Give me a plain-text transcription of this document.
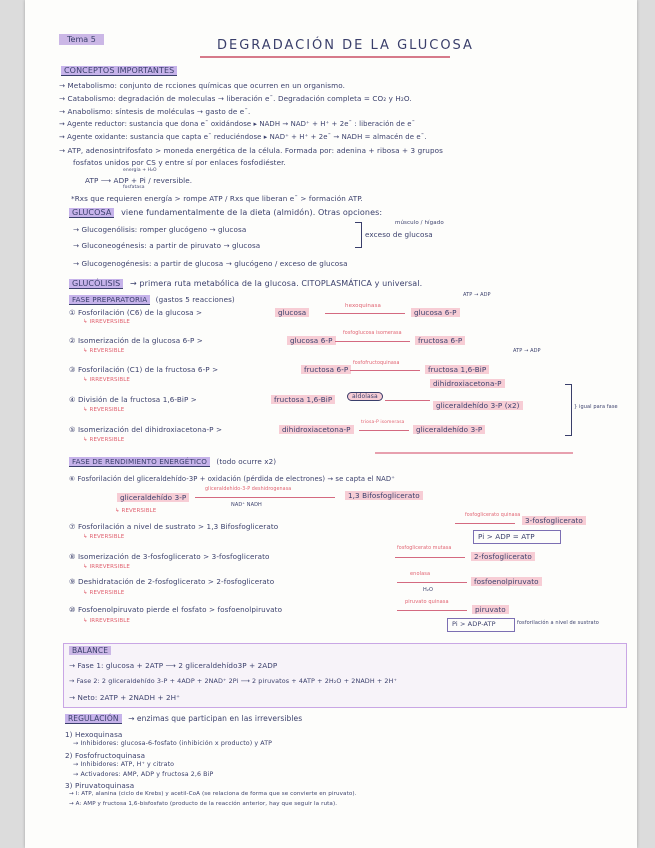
Tema 5	DEGRADACIÓN DE LA GLUCOSA
CONCEPTOS IMPORTANTES
→ Metabolismo: conjunto de rcciones químicas que ocurren en un organismo.
→ Catabolismo: degradación de moleculas → liberación eˉ. Degradación completa = CO₂ y H₂O.
→ Anabolismo: síntesis de moléculas → gasto de eˉ.
→ Agente reductor: sustancia que dona eˉ oxidándose ▸ NADH → NAD⁺ + H⁺ + 2eˉ : liberación de eˉ
→ Agente oxidante: sustancia que capta eˉ reduciéndose ▸ NAD⁺ + H⁺ + 2eˉ → NADH = almacén de eˉ.
→ ATP, adenosintrifosfato > moneda energética de la célula. Formada por: adenina + ribosa + 3 grupos
fosfatos unidos por CS y entre sí por enlaces fosfodiéster.
energía + H₂O
ATP ⟶ ADP + Pi / reversible.
fosfatasa
*Rxs que requieren energía > rompe ATP / Rxs que liberan eˉ > formación ATP.
GLUCOSA viene fundamentalmente de la dieta (almidón). Otras opciones:
→ Glucogenólisis: romper glucógeno → glucosa
→ Gluconeogénesis: a partir de piruvato → glucosa
músculo / hígado
exceso de glucosa
→ Glucogenogénesis: a partir de glucosa → glucógeno / exceso de glucosa
GLUCÓLISIS → primera ruta metabólica de la glucosa. CITOPLASMÁTICA y universal.
FASE PREPARATORIA (gastos 5 reacciones)	ATP → ADP
① Fosforilación (C6) de la glucosa >	glucosa
hexoquinasa
glucosa 6-P
↳ IRREVERSIBLE
② Isomerización de la glucosa 6-P >	glucosa 6-P
fosfoglucosa isomerasa
fructosa 6-P
↳ REVERSIBLE	ATP → ADP
③ Fosforilación (C1) de la fructosa 6-P >	fructosa 6-P
fosfofructoquinasa
fructosa 1,6-BiP
↳ IRREVERSIBLE	dihidroxiacetona-P
④ División de la fructosa 1,6-BiP >	fructosa 1,6-BiP	aldolasa
gliceraldehído 3-P (x2)
↳ REVERSIBLE	} igual para fase
⑤ Isomerización del dihidroxiacetona-P >	dihidroxiacetona-P
triosa-P isomerasa
gliceraldehído 3-P
↳ REVERSIBLE
FASE DE RENDIMIENTO ENERGÉTICO (todo ocurre x2)
⑥ Fosforilación del gliceraldehído-3P + oxidación (pérdida de electrones) → se capta el NAD⁺
gliceraldehído 3-P
gliceraldehído-3-P deshidrogenasa
1,3 Bifosfoglicerato
NAD⁺ NADH
↳ REVERSIBLE
⑦ Fosforilación a nivel de sustrato > 1,3 Bifosfoglicerato
fosfoglicerato quinasa
3-fosfoglicerato
↳ REVERSIBLE	Pi > ADP = ATP
⑧ Isomerización de 3-fosfoglicerato > 3-fosfoglicerato
fosfoglicerato mutasa
2-fosfoglicerato
↳ IRREVERSIBLE
⑨ Deshidratación de 2-fosfoglicerato > 2-fosfoglicerato
enolasa
fosfoenolpiruvato
H₂O
↳ REVERSIBLE
⑩ Fosfoenolpiruvato pierde el fosfato > fosfoenolpiruvato
piruvato quinasa
piruvato
↳ IRREVERSIBLE	Pi > ADP-ATP	fosforilación a nivel de sustrato
BALANCE
→ Fase 1: glucosa + 2ATP ⟶ 2 gliceraldehído3P + 2ADP
→ Fase 2: 2 gliceraldehído 3-P + 4ADP + 2NAD⁺ 2Pi ⟶ 2 piruvatos + 4ATP + 2H₂O + 2NADH + 2H⁺
→ Neto: 2ATP + 2NADH + 2H⁺
REGULACIÓN → enzimas que participan en las irreversibles
1) Hexoquinasa
→ Inhibidores: glucosa-6-fosfato (inhibición x producto) y ATP
2) Fosfofructoquinasa
→ Inhibidores: ATP, H⁺ y citrato
→ Activadores: AMP, ADP y fructosa 2,6 BiP
3) Piruvatoquinasa
→ I: ATP, alanina (ciclo de Krebs) y acetil-CoA (se relaciona de forma que se convierte en piruvato).
→ A: AMP y fructosa 1,6-bisfosfato (producto de la reacción anterior, hay que seguir la ruta).
